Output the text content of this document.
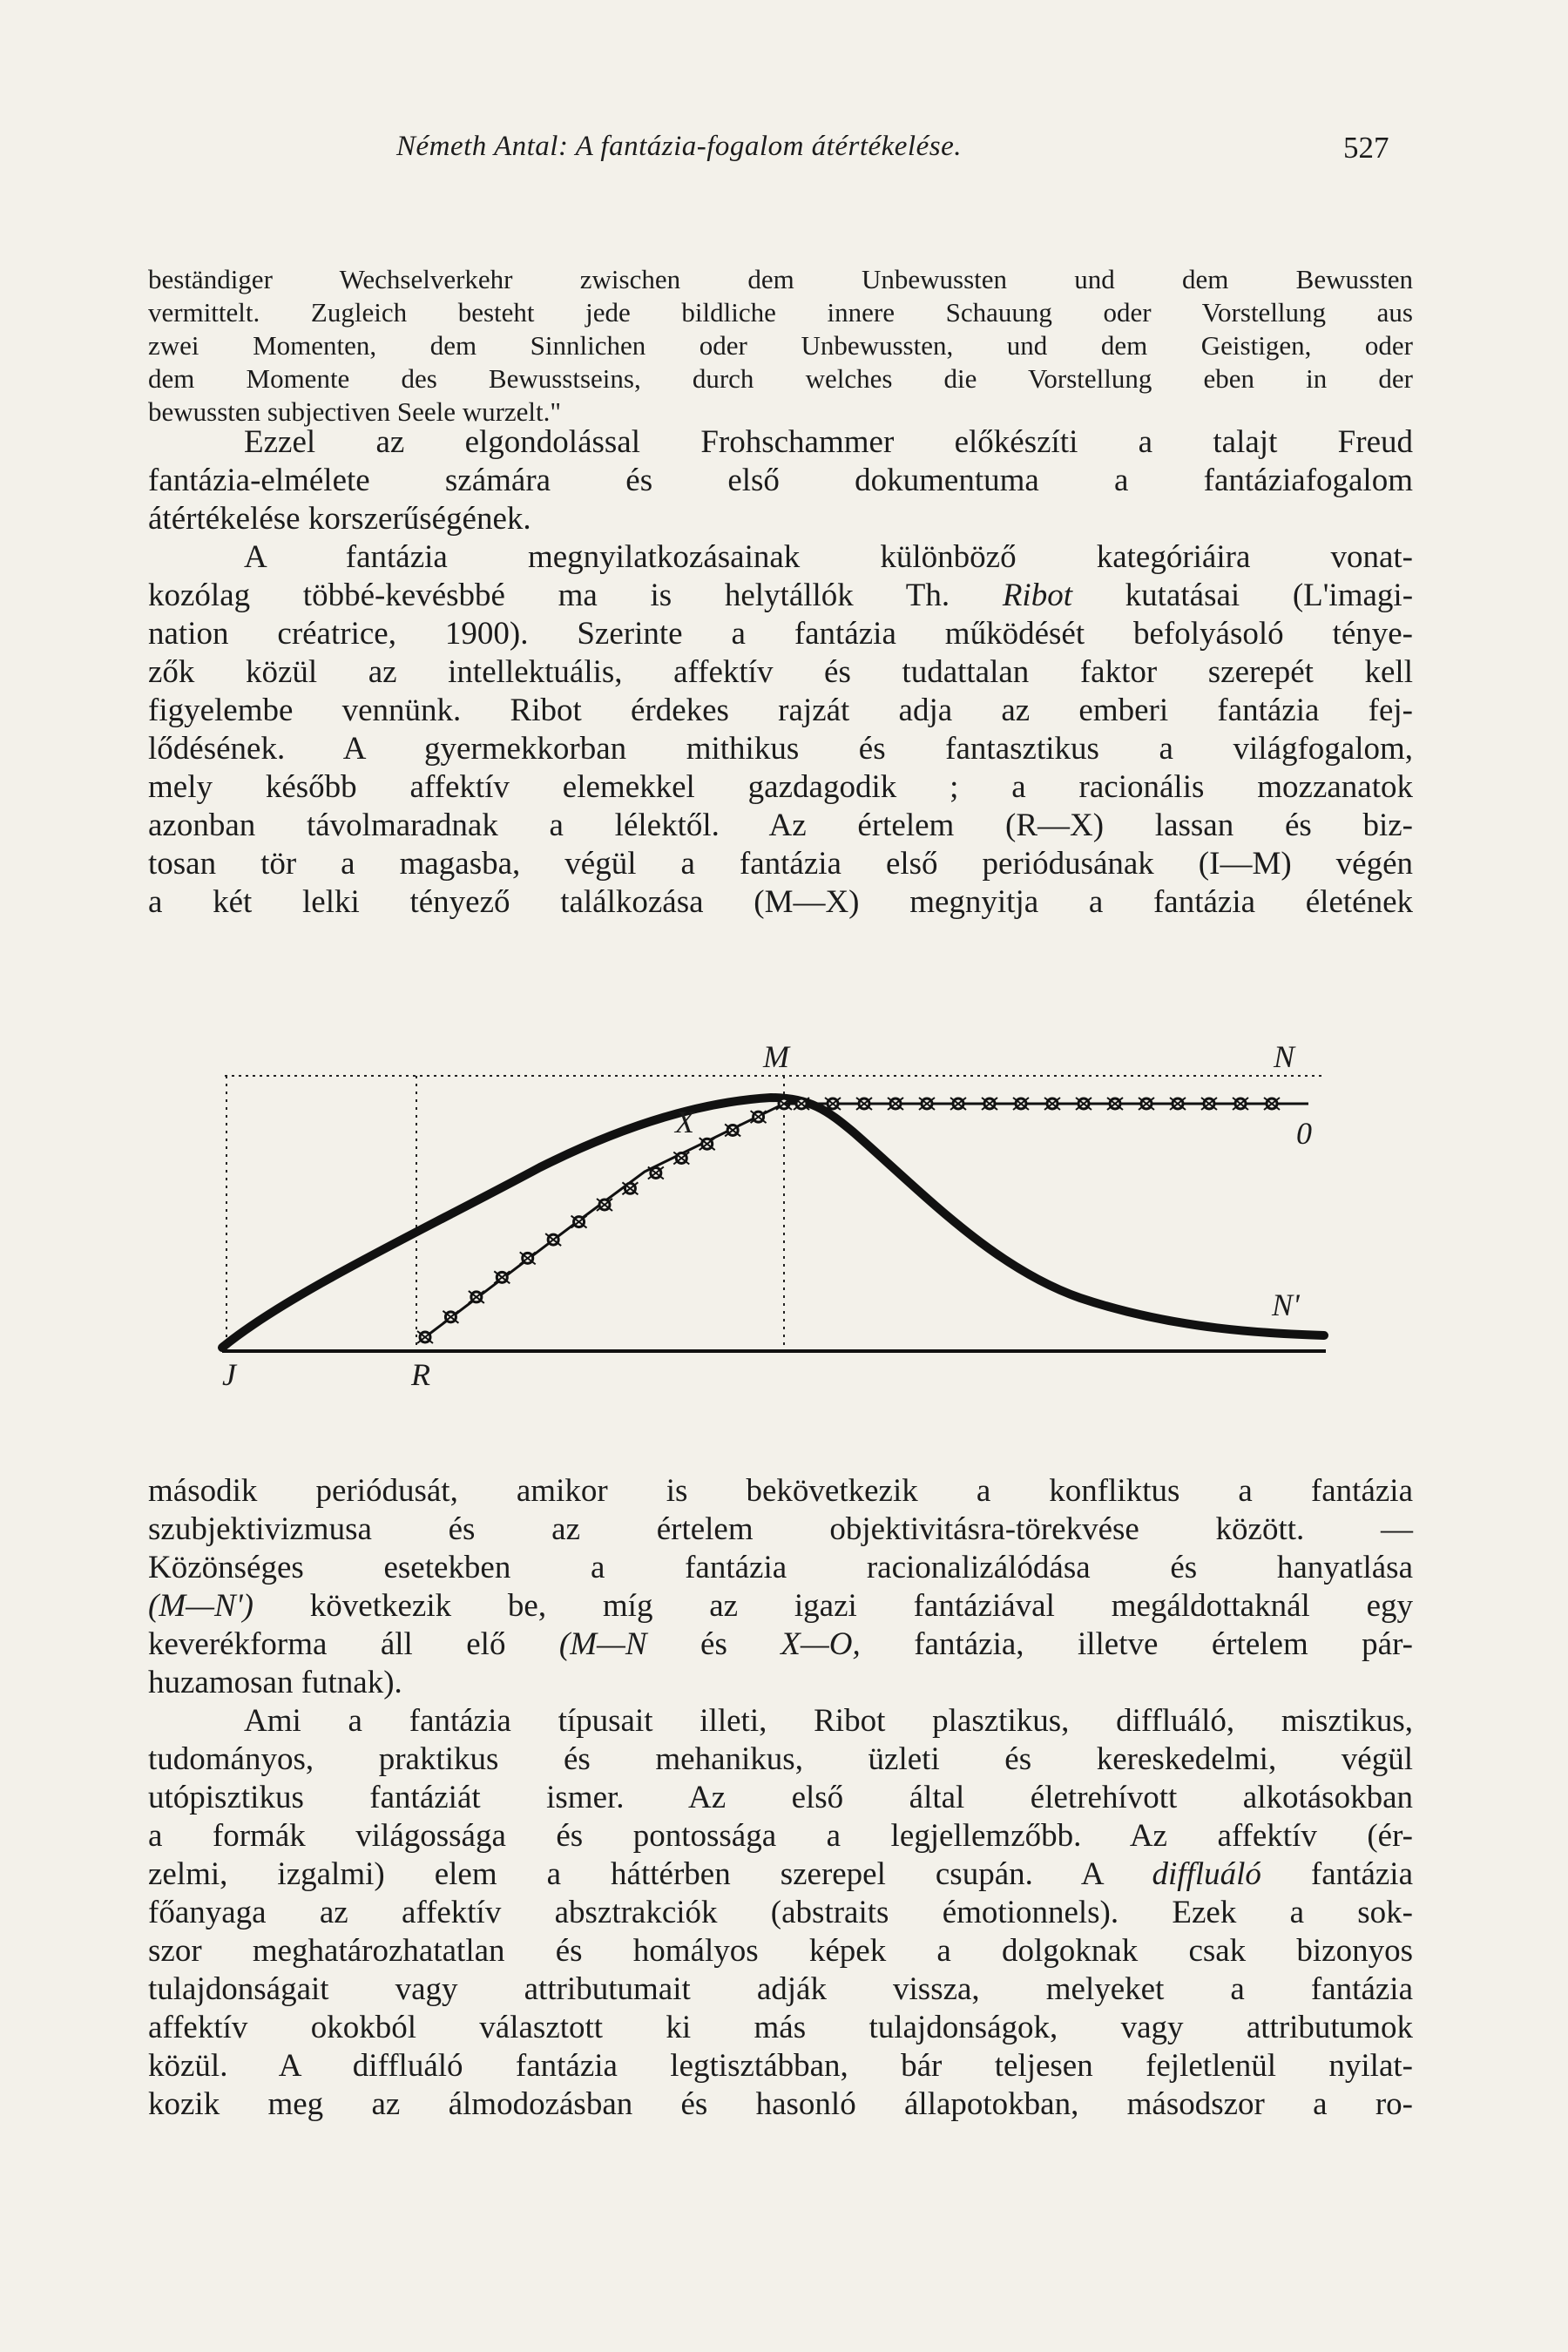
Németh Antal: A fantázia-fogalom átértékelése.	527
beständiger Wechselverkehr zwischen dem Unbewussten und dem Bewussten
vermittelt. Zugleich besteht jede bildliche innere Schauung oder Vorstellung aus
zwei Momenten, dem Sinnlichen oder Unbewussten, und dem Geistigen, oder
dem Momente des Bewusstseins, durch welches die Vorstellung eben in der
bewussten subjectiven Seele wurzelt."
Ezzel az elgondolással Frohschammer előkészíti a talajt Freud
fantázia-elmélete számára és első dokumentuma a fantáziafogalom
átértékelése korszerűségének.
A fantázia megnyilatkozásainak különböző kategóriáira vonat-
kozólag többé-kevésbbé ma is helytállók Th. Ribot kutatásai (L'imagi-
nation créatrice, 1900). Szerinte a fantázia működését befolyásoló ténye-
zők közül az intellektuális, affektív és tudattalan faktor szerepét kell
figyelembe vennünk. Ribot érdekes rajzát adja az emberi fantázia fej-
lődésének. A gyermekkorban mithikus és fantasztikus a világfogalom,
mely később affektív elemekkel gazdagodik ; a racionális mozzanatok
azonban távolmaradnak a lélektől. Az értelem (R—X) lassan és biz-
tosan tör a magasba, végül a fantázia első periódusának (I—M) végén
a két lelki tényező találkozása (M—X) megnyitja a fantázia életének
M	N
0
X
N'
J	R
második periódusát, amikor is bekövetkezik a konfliktus a fantázia
szubjektivizmusa és az értelem objektivitásra-törekvése között. —
Közönséges esetekben a fantázia racionalizálódása és hanyatlása
(M—N') következik be, míg az igazi fantáziával megáldottaknál egy
keverékforma áll elő (M—N és X—O, fantázia, illetve értelem pár-
huzamosan futnak).
Ami a fantázia típusait illeti, Ribot plasztikus, diffluáló, misztikus,
tudományos, praktikus és mehanikus, üzleti és kereskedelmi, végül
utópisztikus fantáziát ismer. Az első által életrehívott alkotásokban
a formák világossága és pontossága a legjellemzőbb. Az affektív (ér-
zelmi, izgalmi) elem a háttérben szerepel csupán. A diffluáló fantázia
főanyaga az affektív absztrakciók (abstraits émotionnels). Ezek a sok-
szor meghatározhatatlan és homályos képek a dolgoknak csak bizonyos
tulajdonságait vagy attributumait adják vissza, melyeket a fantázia
affektív okokból választott ki más tulajdonságok, vagy attributumok
közül. A diffluáló fantázia legtisztábban, bár teljesen fejletlenül nyilat-
kozik meg az álmodozásban és hasonló állapotokban, másodszor a ro-
